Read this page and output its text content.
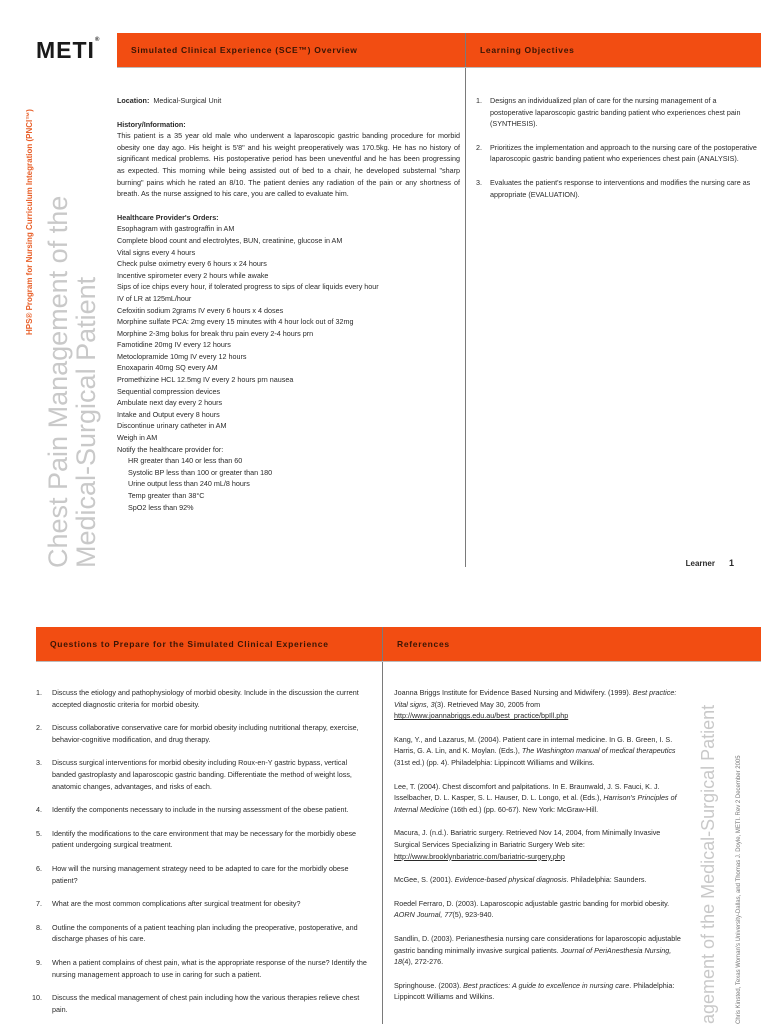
METI®
Simulated Clinical Experience (SCE™) Overview	Learning Objectives
HPS® Program for Nursing Curriculum Integration (PNCI™) Chest Pain Management of the
Medical-Surgical Patient
Location: Medical-Surgical Unit
History/Information:
This patient is a 35 year old male who underwent a laparoscopic gastric banding procedure for morbid obesity one day ago. His height is 5'8" and his weight preoperatively was 170.5kg. He has no history of significant medical problems. His postoperative period has been uneventful and he has been progressing as expected. This morning while being assisted out of bed to a chair, he developed substernal "sharp burning" pains which he rated an 8/10. The patient denies any radiation of the pain or any shortness of breath. As the nurse assigned to his care, you are called to evaluate him.
Healthcare Provider's Orders:
Esophagram with gastrograffin in AM
Complete blood count and electrolytes, BUN, creatinine, glucose in AM
Vital signs every 4 hours
Check pulse oximetry every 6 hours x 24 hours
Incentive spirometer every 2 hours while awake
Sips of ice chips every hour, if tolerated progress to sips of clear liquids every hour
IV of LR at 125mL/hour
Cefoxitin sodium 2grams IV every 6 hours x 4 doses
Morphine sulfate PCA: 2mg every 15 minutes with 4 hour lock out of 32mg
Morphine 2-3mg bolus for break thru pain every 2-4 hours prn
Famotidine 20mg IV every 12 hours
Metoclopramide 10mg IV every 12 hours
Enoxaparin 40mg SQ every AM
Promethizine HCL 12.5mg IV every 2 hours prn nausea
Sequential compression devices
Ambulate next day every 2 hours
Intake and Output every 8 hours
Discontinue urinary catheter in AM
Weigh in AM
Notify the healthcare provider for:
HR greater than 140 or less than 60
Systolic BP less than 100 or greater than 180
Urine output less than 240 mL/8 hours
Temp greater than 38°C
SpO2 less than 92%
1. Designs an individualized plan of care for the nursing management of a postoperative laparoscopic gastric banding patient who experiences chest pain (SYNTHESIS).
2. Prioritizes the implementation and approach to the nursing care of the postoperative laparoscopic gastric banding patient who experiences chest pain (ANALYSIS).
3. Evaluates the patient's response to interventions and modifies the nursing care as appropriate (EVALUATION).
Learner 1
Questions to Prepare for the Simulated Clinical Experience	References
1. Discuss the etiology and pathophysiology of morbid obesity. Include in the discussion the current accepted diagnostic criteria for morbid obesity.
2. Discuss collaborative conservative care for morbid obesity including nutritional therapy, exercise, behavior-cognitive modification, and drug therapy.
3. Discuss surgical interventions for morbid obesity including Roux-en-Y gastric bypass, vertical banded gastroplasty and laparoscopic gastric banding. Differentiate the method of weight loss, anatomic changes, advantages, and risks of each.
4. Identify the components necessary to include in the nursing assessment of the obese patient.
5. Identify the modifications to the care environment that may be necessary for the morbidly obese patient undergoing surgical treatment.
6. How will the nursing management strategy need to be adapted to care for the morbidly obese patient?
7. What are the most common complications after surgical treatment for obesity?
8. Outline the components of a patient teaching plan including the preoperative, postoperative, and discharge phases of his care.
9. When a patient complains of chest pain, what is the appropriate response of the nurse? Identify the nursing management approach to use in caring for such a patient.
10. Discuss the medical management of chest pain including how the various therapies relieve chest pain.
Joanna Briggs Institute for Evidence Based Nursing and Midwifery. (1999). Best practice: Vital signs, 3(3). Retrieved May 30, 2005 from http://www.joannabriggs.edu.au/best_practice/bpIll.php
Kang, Y., and Lazarus, M. (2004). Patient care in internal medicine. In G. B. Green, I. S. Harris, G. A. Lin, and K. Moylan. (Eds.), The Washington manual of medical therapeutics (31st ed.) (pp. 4). Philadelphia: Lippincott Williams and Wilkins.
Lee, T. (2004). Chest discomfort and palpitations. In E. Braunwald, J. S. Fauci, K. J. Isselbacher, D. L. Kasper, S. L. Hauser, D. L. Longo, et al. (Eds.), Harrison's Principles of Internal Medicine (16th ed.) (pp. 60-67). New York: McGraw-Hill.
Macura, J. (n.d.). Bariatric surgery. Retrieved Nov 14, 2004, from Minimally Invasive Surgical Services Specializing in Bariatric Surgery Web site: http://www.brooklynbariatric.com/bariatric-surgery.php
McGee, S. (2001). Evidence-based physical diagnosis. Philadelphia: Saunders.
Roedel Ferraro, D. (2003). Laparoscopic adjustable gastric banding for morbid obesity. AORN Journal, 77(5), 923-940.
Sandlin, D. (2003). Perianesthesia nursing care considerations for laparoscopic adjustable gastric banding minimally invasive surgical patients. Journal of PeriAnesthesia Nursing, 18(4), 272-276.
Springhouse. (2003). Best practices: A guide to excellence in nursing care. Philadelphia: Lippincott Williams and Wilkins.	agement of the Medical-Surgical Patient	Chris Kinsted, Texas Woman's University-Dallas, and Thomas J. Doyle, METI. Rev 2 December 2005
